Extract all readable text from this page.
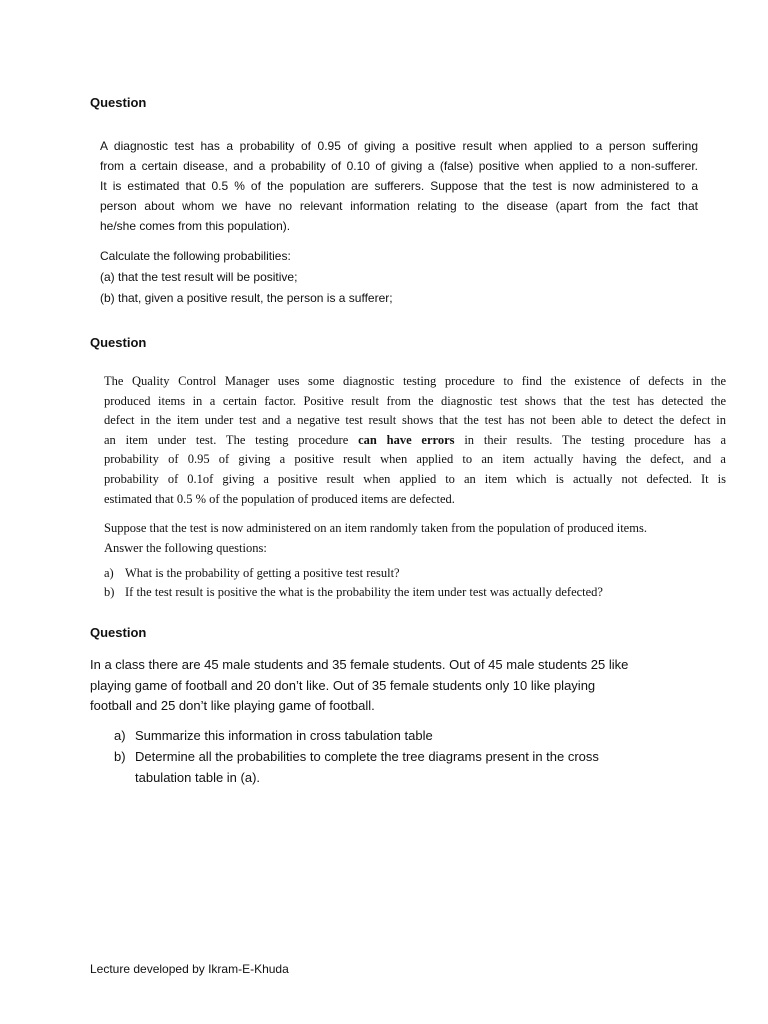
Question
A diagnostic test has a probability of 0.95 of giving a positive result when applied to a person suffering
from a certain disease, and a probability of 0.10 of giving a (false) positive when applied to a non-sufferer.
It is estimated that 0.5 % of the population are sufferers. Suppose that the test is now administered to a
person about whom we have no relevant information relating to the disease (apart from the fact that
he/she comes from this population).
Calculate the following probabilities:
(a) that the test result will be positive;
(b) that, given a positive result, the person is a sufferer;
Question
The Quality Control Manager uses some diagnostic testing procedure to find the existence of defects in the
produced items in a certain factor. Positive result from the diagnostic test shows that the test has detected the
defect in the item under test and a negative test result shows that the test has not been able to detect the defect in
an item under test. The testing procedure can have errors in their results. The testing procedure has a
probability of 0.95 of giving a positive result when applied to an item actually having the defect, and a
probability of 0.1of giving a positive result when applied to an item which is actually not defected. It is
estimated that 0.5 % of the population of produced items are defected.
Suppose that the test is now administered on an item randomly taken from the population of produced items.
Answer the following questions:
a) What is the probability of getting a positive test result?
b) If the test result is positive the what is the probability the item under test was actually defected?
Question
In a class there are 45 male students and 35 female students. Out of 45 male students 25 like
playing game of football and 20 don’t like. Out of 35 female students only 10 like playing
football and 25 don’t like playing game of football.
a) Summarize this information in cross tabulation table
b) Determine all the probabilities to complete the tree diagrams present in the cross
tabulation table in (a).
Lecture developed by Ikram-E-Khuda
